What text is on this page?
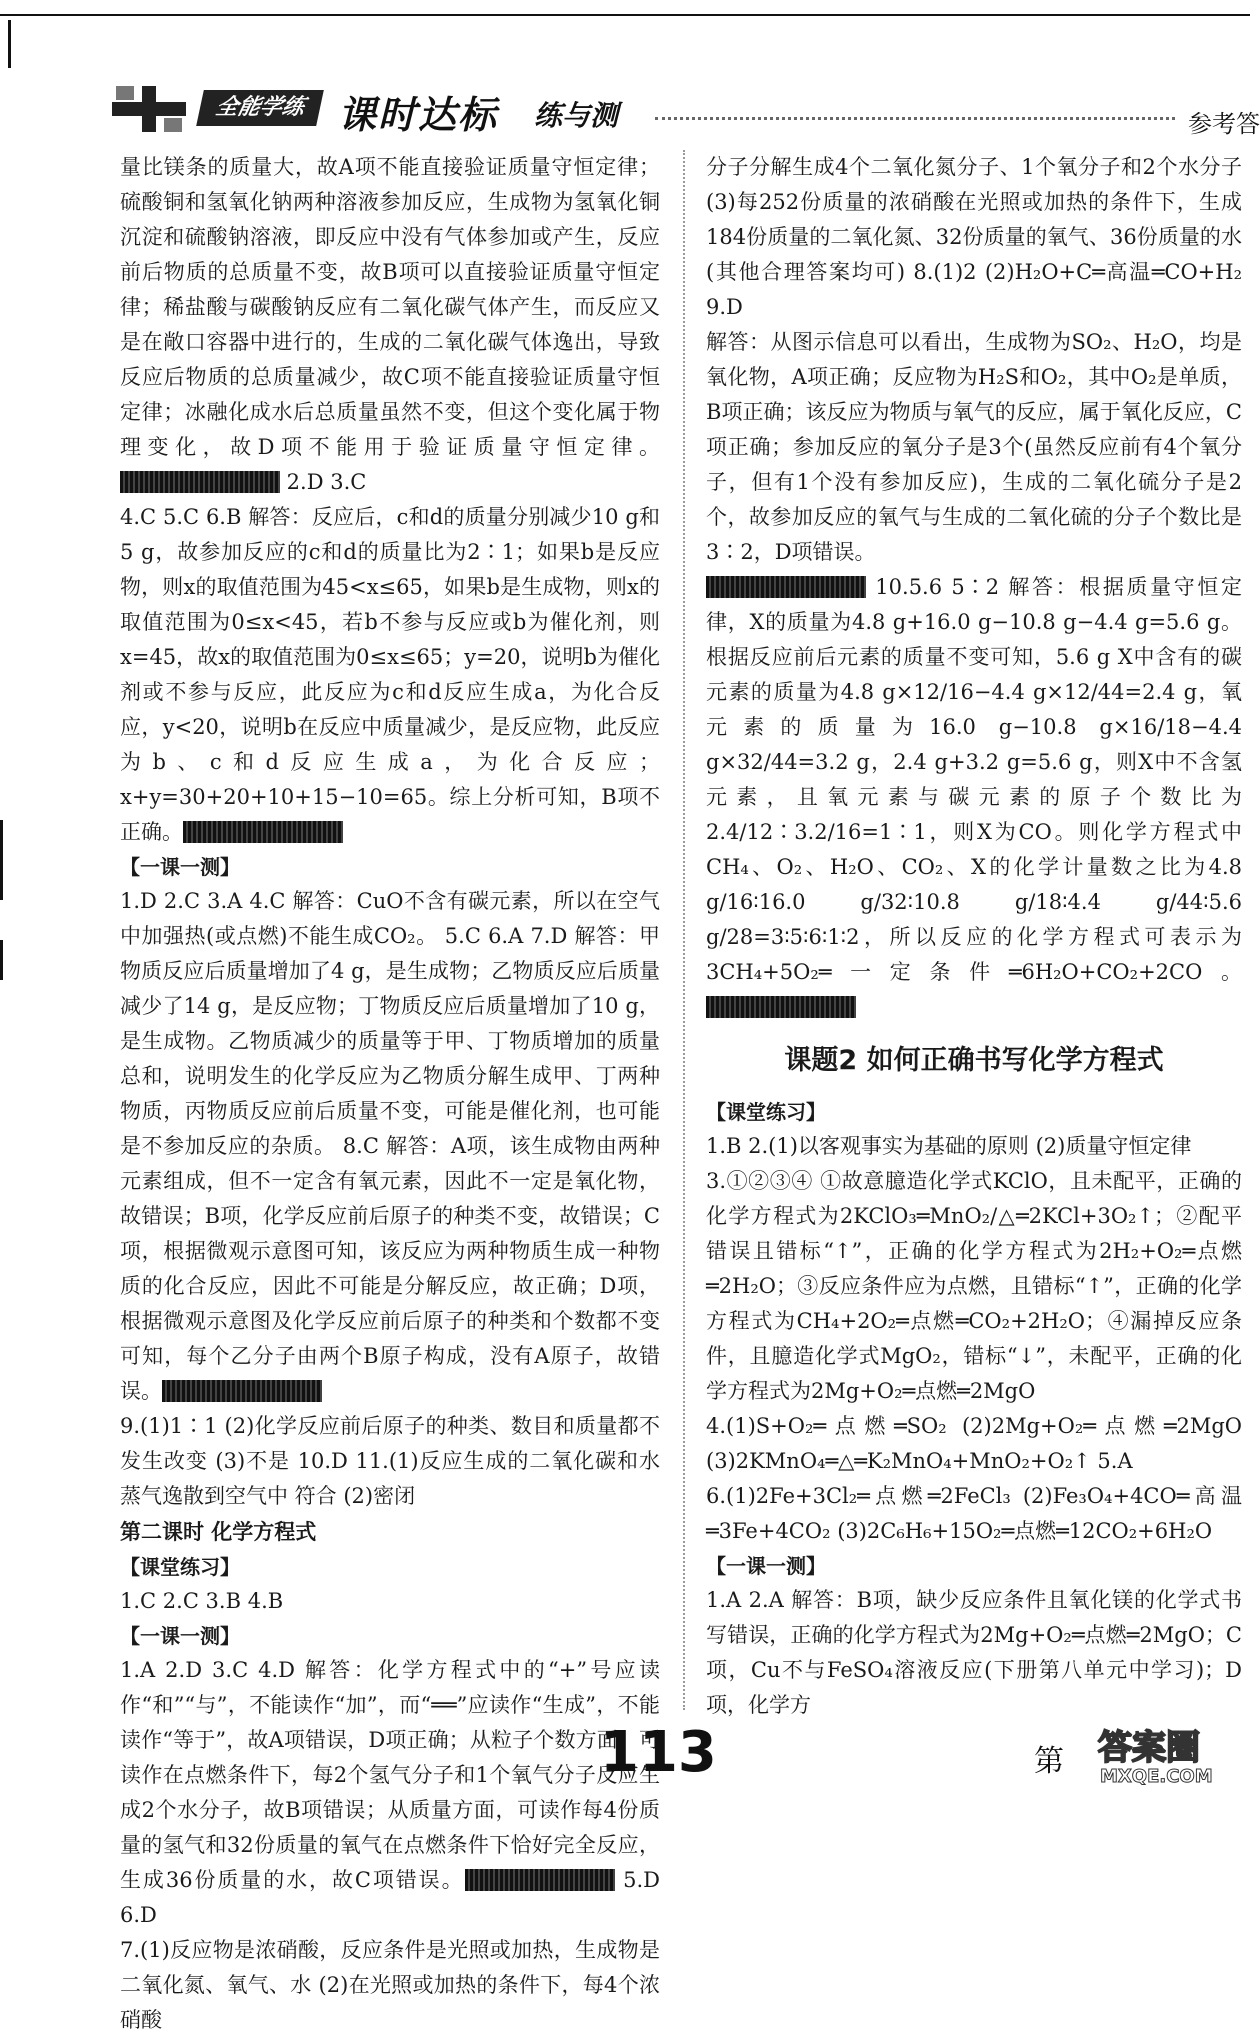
全能学练 课时达标 练与测	参考答
量比镁条的质量大，故A项不能直接验证质量守恒定律；硫酸铜和氢氧化钠两种溶液参加反应，生成物为氢氧化铜沉淀和硫酸钠溶液，即反应中没有气体参加或产生，反应前后物质的总质量不变，故B项可以直接验证质量守恒定律；稀盐酸与碳酸钠反应有二氧化碳气体产生，而反应又是在敞口容器中进行的，生成的二氧化碳气体逸出，导致反应后物质的总质量减少，故C项不能直接验证质量守恒定律；冰融化成水后总质量虽然不变，但这个变化属于物理变化，故D项不能用于验证质量守恒定律。 2.D 3.C
4.C 5.C 6.B 解答：反应后，c和d的质量分别减少10 g和5 g，故参加反应的c和d的质量比为2∶1；如果b是反应物，则x的取值范围为45<x≤65，如果b是生成物，则x的取值范围为0≤x<45，若b不参与反应或b为催化剂，则x=45，故x的取值范围为0≤x≤65；y=20，说明b为催化剂或不参与反应，此反应为c和d反应生成a，为化合反应，y<20，说明b在反应中质量减少，是反应物，此反应为b、c和d反应生成a，为化合反应；x+y=30+20+10+15−10=65。综上分析可知，B项不正确。
【一课一测】
1.D 2.C 3.A 4.C 解答：CuO不含有碳元素，所以在空气中加强热(或点燃)不能生成CO₂。 5.C 6.A 7.D 解答：甲物质反应后质量增加了4 g，是生成物；乙物质反应后质量减少了14 g，是反应物；丁物质反应后质量增加了10 g，是生成物。乙物质减少的质量等于甲、丁物质增加的质量总和，说明发生的化学反应为乙物质分解生成甲、丁两种物质，丙物质反应前后质量不变，可能是催化剂，也可能是不参加反应的杂质。 8.C 解答：A项，该生成物由两种元素组成，但不一定含有氧元素，因此不一定是氧化物，故错误；B项，化学反应前后原子的种类不变，故错误；C项，根据微观示意图可知，该反应为两种物质生成一种物质的化合反应，因此不可能是分解反应，故正确；D项，根据微观示意图及化学反应前后原子的种类和个数都不变可知，每个乙分子由两个B原子构成，没有A原子，故错误。
9.(1)1∶1 (2)化学反应前后原子的种类、数目和质量都不发生改变 (3)不是 10.D 11.(1)反应生成的二氧化碳和水蒸气逸散到空气中 符合 (2)密闭
第二课时 化学方程式
【课堂练习】
1.C 2.C 3.B 4.B
【一课一测】
1.A 2.D 3.C 4.D 解答：化学方程式中的“+”号应读作“和”“与”，不能读作“加”，而“══”应读作“生成”，不能读作“等于”，故A项错误，D项正确；从粒子个数方面，可读作在点燃条件下，每2个氢气分子和1个氧气分子反应生成2个水分子，故B项错误；从质量方面，可读作每4份质量的氢气和32份质量的氧气在点燃条件下恰好完全反应，生成36份质量的水，故C项错误。	5.D 6.D
7.(1)反应物是浓硝酸，反应条件是光照或加热，生成物是二氧化氮、氧气、水 (2)在光照或加热的条件下，每4个浓硝酸
分子分解生成4个二氧化氮分子、1个氧分子和2个水分子 (3)每252份质量的浓硝酸在光照或加热的条件下，生成184份质量的二氧化氮、32份质量的氧气、36份质量的水(其他合理答案均可) 8.(1)2 (2)H₂O+C═高温═CO+H₂ 9.D
解答：从图示信息可以看出，生成物为SO₂、H₂O，均是氧化物，A项正确；反应物为H₂S和O₂，其中O₂是单质，B项正确；该反应为物质与氧气的反应，属于氧化反应，C项正确；参加反应的氧分子是3个(虽然反应前有4个氧分子，但有1个没有参加反应)，生成的二氧化硫分子是2个，故参加反应的氧气与生成的二氧化硫的分子个数比是3∶2，D项错误。
10.5.6 5∶2 解答：根据质量守恒定律，X的质量为4.8 g+16.0 g−10.8 g−4.4 g=5.6 g。根据反应前后元素的质量不变可知，5.6 g X中含有的碳元素的质量为4.8 g×12/16−4.4 g×12/44=2.4 g，氧元素的质量为16.0 g−10.8 g×16/18−4.4 g×32/44=3.2 g，2.4 g+3.2 g=5.6 g，则X中不含氢元素，且氧元素与碳元素的原子个数比为2.4/12∶3.2/16=1∶1，则X为CO。则化学方程式中CH₄、O₂、H₂O、CO₂、X的化学计量数之比为4.8 g/16∶16.0 g/32∶10.8 g/18∶4.4 g/44∶5.6 g/28=3∶5∶6∶1∶2，所以反应的化学方程式可表示为3CH₄+5O₂═一定条件═6H₂O+CO₂+2CO。
课题2 如何正确书写化学方程式
【课堂练习】
1.B 2.(1)以客观事实为基础的原则 (2)质量守恒定律
3.①②③④ ①故意臆造化学式KClO，且未配平，正确的化学方程式为2KClO₃═MnO₂/△═2KCl+3O₂↑；②配平错误且错标“↑”，正确的化学方程式为2H₂+O₂═点燃═2H₂O；③反应条件应为点燃，且错标“↑”，正确的化学方程式为CH₄+2O₂═点燃═CO₂+2H₂O；④漏掉反应条件，且臆造化学式MgO₂，错标“↓”，未配平，正确的化学方程式为2Mg+O₂═点燃═2MgO
4.(1)S+O₂═点燃═SO₂ (2)2Mg+O₂═点燃═2MgO (3)2KMnO₄═△═K₂MnO₄+MnO₂+O₂↑ 5.A
6.(1)2Fe+3Cl₂═点燃═2FeCl₃ (2)Fe₃O₄+4CO═高温═3Fe+4CO₂ (3)2C₆H₆+15O₂═点燃═12CO₂+6H₂O
【一课一测】
1.A 2.A 解答：B项，缺少反应条件且氧化镁的化学式书写错误，正确的化学方程式为2Mg+O₂═点燃═2MgO；C项，Cu不与FeSO₄溶液反应(下册第八单元中学习)；D项，化学方
113	第 答案圈
MXQE.COM
